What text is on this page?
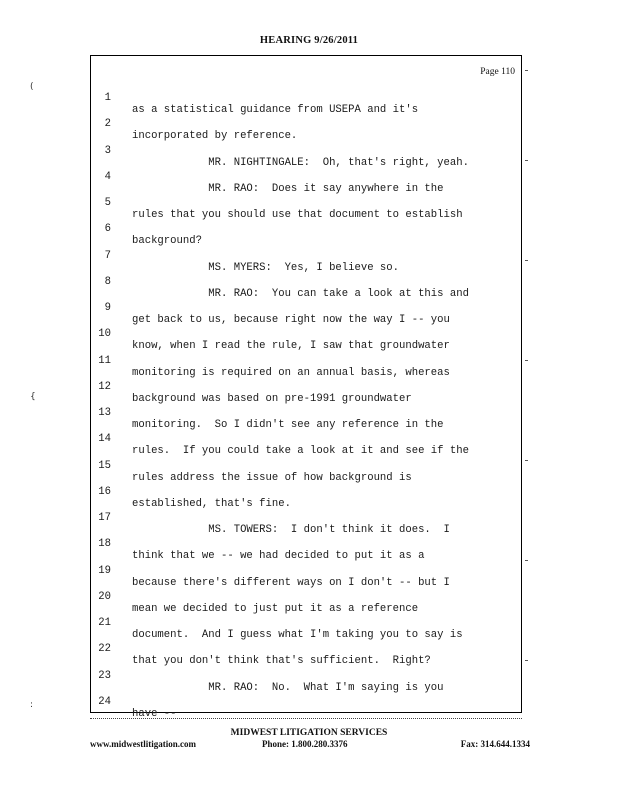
HEARING 9/26/2011
Page 110

1

as a statistical guidance from USEPA and it's

2

incorporated by reference.

3

MR. NIGHTINGALE:  Oh, that's right, yeah.

4

MR. RAO:  Does it say anywhere in the

5

rules that you should use that document to establish

6

background?

7

MS. MYERS:  Yes, I believe so.

8

MR. RAO:  You can take a look at this and

9

get back to us, because right now the way I -- you

10

know, when I read the rule, I saw that groundwater

11

monitoring is required on an annual basis, whereas

12

background was based on pre-1991 groundwater

13

monitoring.  So I didn't see any reference in the

14

rules.  If you could take a look at it and see if the

15

rules address the issue of how background is

16

established, that's fine.

17

MS. TOWERS:  I don't think it does.  I

18

think that we -- we had decided to put it as a

19

because there's different ways on I don't -- but I

20

mean we decided to just put it as a reference

21

document.  And I guess what I'm taking you to say is

22

that you don't think that's sufficient.  Right?

23

MR. RAO:  No.  What I'm saying is you

24

have --

(
{
:
MIDWEST LITIGATION SERVICES
www.midwestlitigation.com	Phone: 1.800.280.3376	Fax: 314.644.1334
